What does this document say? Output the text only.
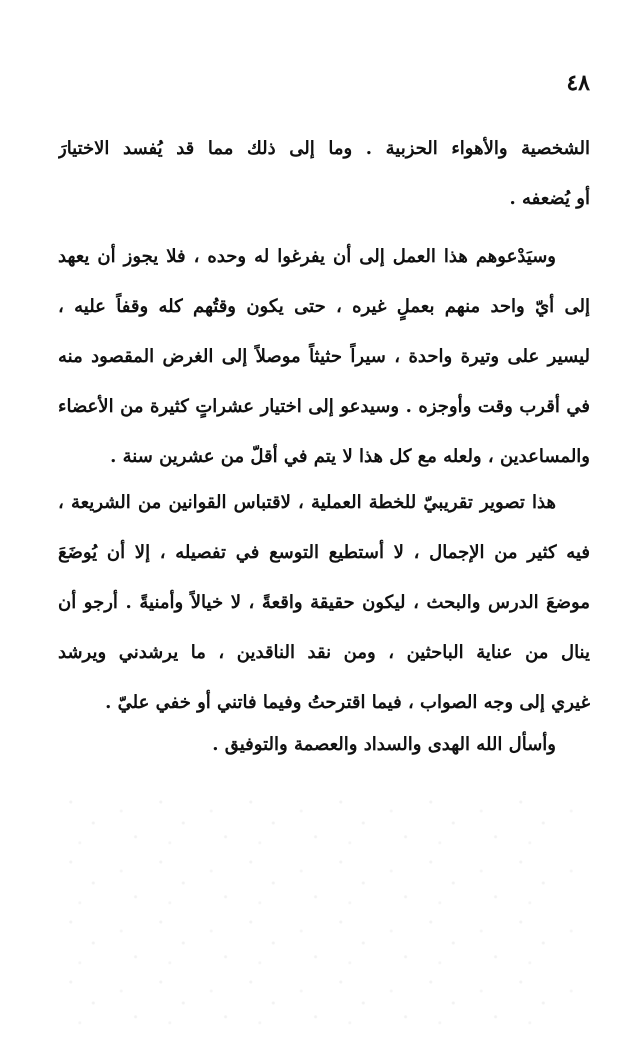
٤٨
الشخصية والأهواء الحزبية . وما إلى ذلك مما قد يُفسد الاختيارَ
أو يُضعفه .
وسيَدْعوهم هذا العمل إلى أن يفرغوا له وحده ، فلا يجوز أن يعهد
إلى أيّ واحد منهم بعملٍ غيره ، حتى يكون وقتُهم كله وقفاً عليه ،
ليسير على وتيرة واحدة ، سيراً حثيثاً موصلاً إلى الغرض المقصود منه
في أقرب وقت وأوجزه . وسيدعو إلى اختيار عشراتٍ كثيرة من الأعضاء
والمساعدين ، ولعله مع كل هذا لا يتم في أقلّ من عشرين سنة .
هذا تصوير تقريبيّ للخطة العملية ، لاقتباس القوانين من الشريعة ،
فيه كثير من الإجمال ، لا أستطيع التوسع في تفصيله ، إلا أن يُوضَعَ
موضعَ الدرس والبحث ، ليكون حقيقة واقعةً ، لا خيالاً وأمنيةً . أرجو أن
ينال من عناية الباحثين ، ومن نقد الناقدين ، ما يرشدني ويرشد
غيري إلى وجه الصواب ، فيما اقترحتُ وفيما فاتني أو خفي عليّ .
وأسأل الله الهدى والسداد والعصمة والتوفيق .
